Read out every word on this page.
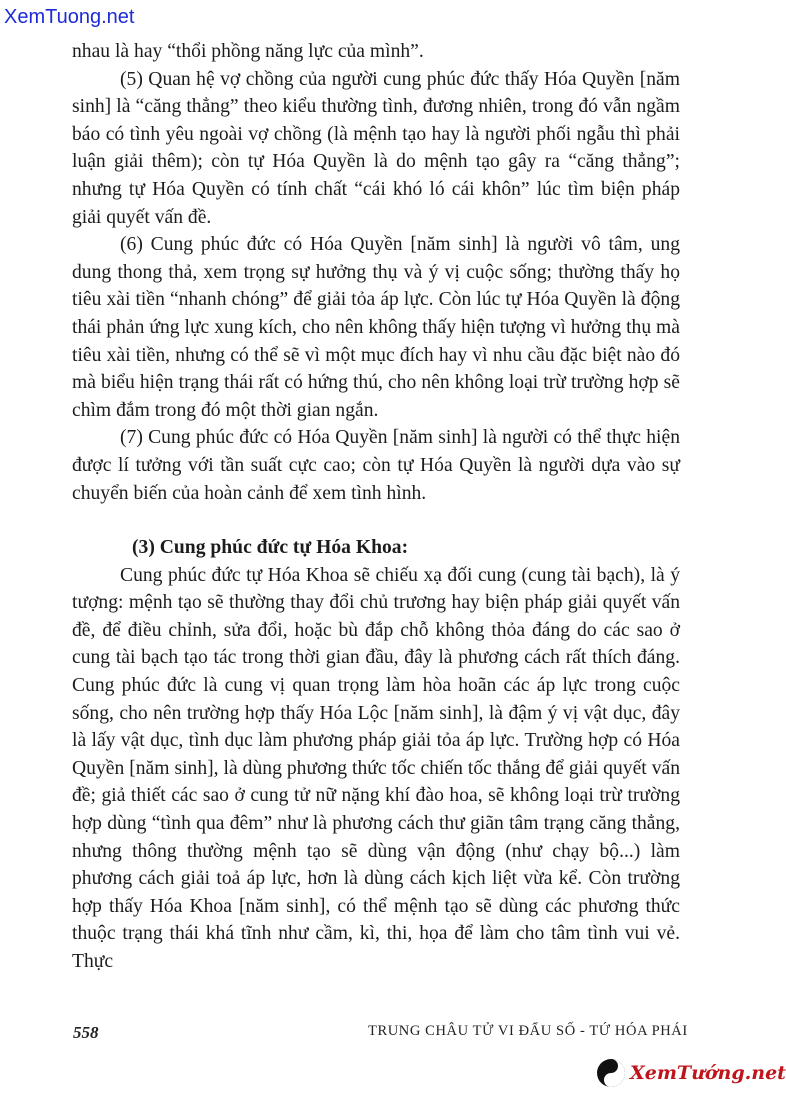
XemTuong.net

nhau là hay “thổi phồng năng lực của mình”.

(5) Quan hệ vợ chồng của người cung phúc đức thấy Hóa Quyền [năm sinh] là “căng thẳng” theo kiểu thường tình, đương nhiên, trong đó vẫn ngầm báo có tình yêu ngoài vợ chồng (là mệnh tạo hay là người phối ngẫu thì phải luận giải thêm); còn tự Hóa Quyền là do mệnh tạo gây ra “căng thẳng”; nhưng tự Hóa Quyền có tính chất “cái khó ló cái khôn” lúc tìm biện pháp giải quyết vấn đề.

(6) Cung phúc đức có Hóa Quyền [năm sinh] là người vô tâm, ung dung thong thả, xem trọng sự hưởng thụ và ý vị cuộc sống; thường thấy họ tiêu xài tiền “nhanh chóng” để giải tỏa áp lực. Còn lúc tự Hóa Quyền là động thái phản ứng lực xung kích, cho nên không thấy hiện tượng vì hưởng thụ mà tiêu xài tiền, nhưng có thể sẽ vì một mục đích hay vì nhu cầu đặc biệt nào đó mà biểu hiện trạng thái rất có hứng thú, cho nên không loại trừ trường hợp sẽ chìm đắm trong đó một thời gian ngắn.

(7) Cung phúc đức có Hóa Quyền [năm sinh] là người có thể thực hiện được lí tưởng với tần suất cực cao; còn tự Hóa Quyền là người dựa vào sự chuyển biến của hoàn cảnh để xem tình hình.

(3) Cung phúc đức tự Hóa Khoa:

Cung phúc đức tự Hóa Khoa sẽ chiếu xạ đối cung (cung tài bạch), là ý tượng: mệnh tạo sẽ thường thay đổi chủ trương hay biện pháp giải quyết vấn đề, để điều chỉnh, sửa đổi, hoặc bù đắp chỗ không thỏa đáng do các sao ở cung tài bạch tạo tác trong thời gian đầu, đây là phương cách rất thích đáng. Cung phúc đức là cung vị quan trọng làm hòa hoãn các áp lực trong cuộc sống, cho nên trường hợp thấy Hóa Lộc [năm sinh], là đậm ý vị vật dục, đây là lấy vật dục, tình dục làm phương pháp giải tỏa áp lực. Trường hợp có Hóa Quyền [năm sinh], là dùng phương thức tốc chiến tốc thắng để giải quyết vấn đề; giả thiết các sao ở cung tử nữ nặng khí đào hoa, sẽ không loại trừ trường hợp dùng “tình qua đêm” như là phương cách thư giãn tâm trạng căng thẳng, nhưng thông thường mệnh tạo sẽ dùng vận động (như chạy bộ...) làm phương cách giải toả áp lực, hơn là dùng cách kịch liệt vừa kể. Còn trường hợp thấy Hóa Khoa [năm sinh], có thể mệnh tạo sẽ dùng các phương thức thuộc trạng thái khá tĩnh như cầm, kì, thi, họa để làm cho tâm tình vui vẻ. Thực

558	TRUNG CHÂU TỬ VI ĐẨU SỐ - TỨ HÓA PHÁI
XemTướng.net
